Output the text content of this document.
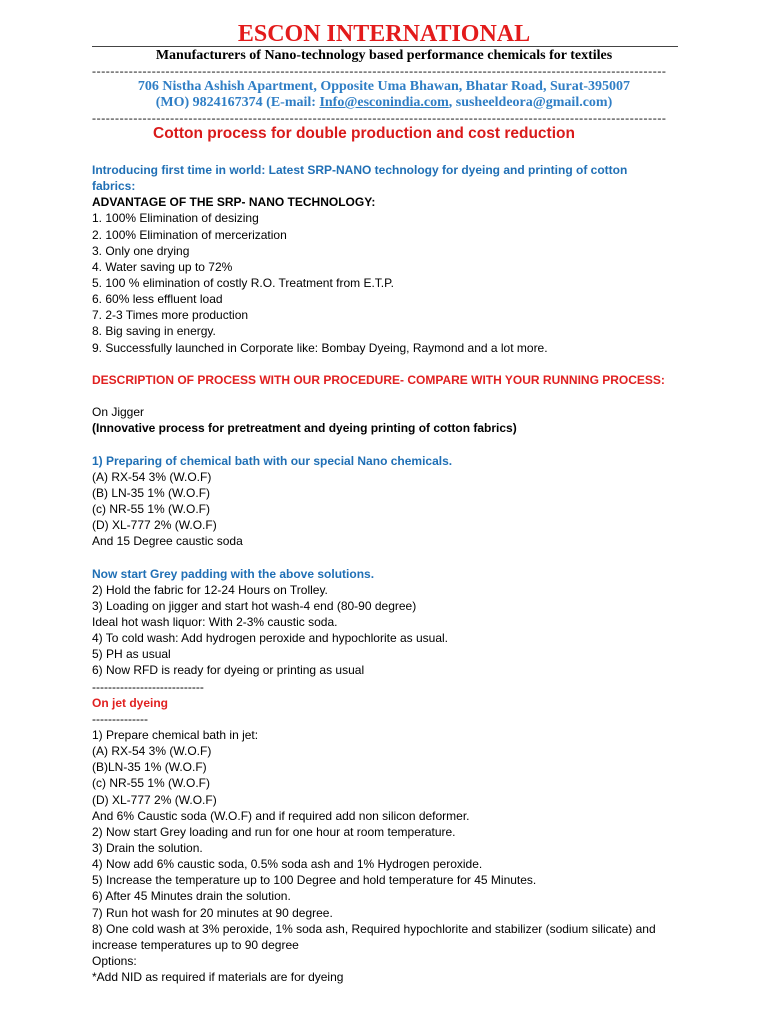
ESCON INTERNATIONAL
Manufacturers of Nano-technology based performance chemicals for textiles
-----------------------------------------------------------------------------------------------------------------------------
706 Nistha Ashish Apartment, Opposite Uma Bhawan, Bhatar Road, Surat-395007
(MO) 9824167374 (E-mail: Info@esconindia.com, susheeldeora@gmail.com)
-----------------------------------------------------------------------------------------------------------------------------
Cotton process for double production and cost reduction
Introducing first time in world: Latest SRP-NANO technology for dyeing and printing of cotton fabrics:
ADVANTAGE OF THE SRP- NANO TECHNOLOGY:
1. 100% Elimination of desizing
2. 100% Elimination of mercerization
3. Only one drying
4. Water saving up to 72%
5. 100 % elimination of costly R.O. Treatment from E.T.P.
6. 60% less effluent load
7. 2-3 Times more production
8. Big saving in energy.
9. Successfully launched in Corporate like: Bombay Dyeing, Raymond and a lot more.
DESCRIPTION OF PROCESS WITH OUR PROCEDURE- COMPARE WITH YOUR RUNNING PROCESS:
On Jigger
(Innovative process for pretreatment and dyeing printing of cotton fabrics)
1) Preparing of chemical bath with our special Nano chemicals.
(A) RX-54 3% (W.O.F)
(B) LN-35 1% (W.O.F)
(c) NR-55 1% (W.O.F)
(D) XL-777 2% (W.O.F)
And 15 Degree caustic soda
Now start Grey padding with the above solutions.
2) Hold the fabric for 12-24 Hours on Trolley.
3) Loading on jigger and start hot wash-4 end (80-90 degree)
Ideal hot wash liquor: With 2-3% caustic soda.
4) To cold wash: Add hydrogen peroxide and hypochlorite as usual.
5) PH as usual
6) Now RFD is ready for dyeing or printing as usual
----------------------------
On jet dyeing
--------------
1) Prepare chemical bath in jet:
(A) RX-54 3% (W.O.F)
(B)LN-35 1% (W.O.F)
(c) NR-55 1% (W.O.F)
(D) XL-777 2% (W.O.F)
And 6% Caustic soda (W.O.F) and if required add non silicon deformer.
2) Now start Grey loading and run for one hour at room temperature.
3) Drain the solution.
4) Now add 6% caustic soda, 0.5% soda ash and 1% Hydrogen peroxide.
5) Increase the temperature up to 100 Degree and hold temperature for 45 Minutes.
6) After 45 Minutes drain the solution.
7) Run hot wash for 20 minutes at 90 degree.
8) One cold wash at 3% peroxide, 1% soda ash, Required hypochlorite and stabilizer (sodium silicate) and increase temperatures up to 90 degree
Options:
*Add NID as required if materials are for dyeing
